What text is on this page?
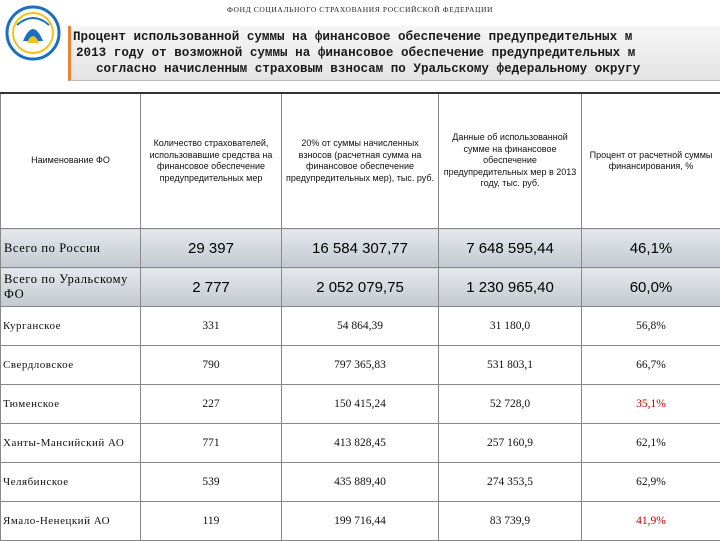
ФОНД СОЦИАЛЬНОГО СТРАХОВАНИЯ РОССИЙСКОЙ ФЕДЕРАЦИИ
Процент использованной суммы на финансовое обеспечение предупредительных м
2013 году от возможной суммы на финансовое обеспечение предупредительных м
согласно начисленным страховым взносам по Уральскому федеральному округу
Наименование ФО	Количество страхователей, использовавшие средства на финансовое обеспечение предупредительных мер	20% от суммы начисленных взносов (расчетная сумма на финансовое обеспечение предупредительных мер), тыс. руб.	Данные об использованной сумме на финансовое обеспечение предупредительных мер в 2013 году, тыс. руб.	Процент от расчетной суммы финансирования, %
Всего по России	29 397	16 584 307,77	7 648 595,44	46,1%
Всего по Уральскому ФО	2 777	2 052 079,75	1 230 965,40	60,0%
Курганское	331	54 864,39	31 180,0	56,8%
Свердловское	790	797 365,83	531 803,1	66,7%
Тюменское	227	150 415,24	52 728,0	35,1%
Ханты-Мансийский АО	771	413 828,45	257 160,9	62,1%
Челябинское	539	435 889,40	274 353,5	62,9%
Ямало-Ненецкий АО	119	199 716,44	83 739,9	41,9%
